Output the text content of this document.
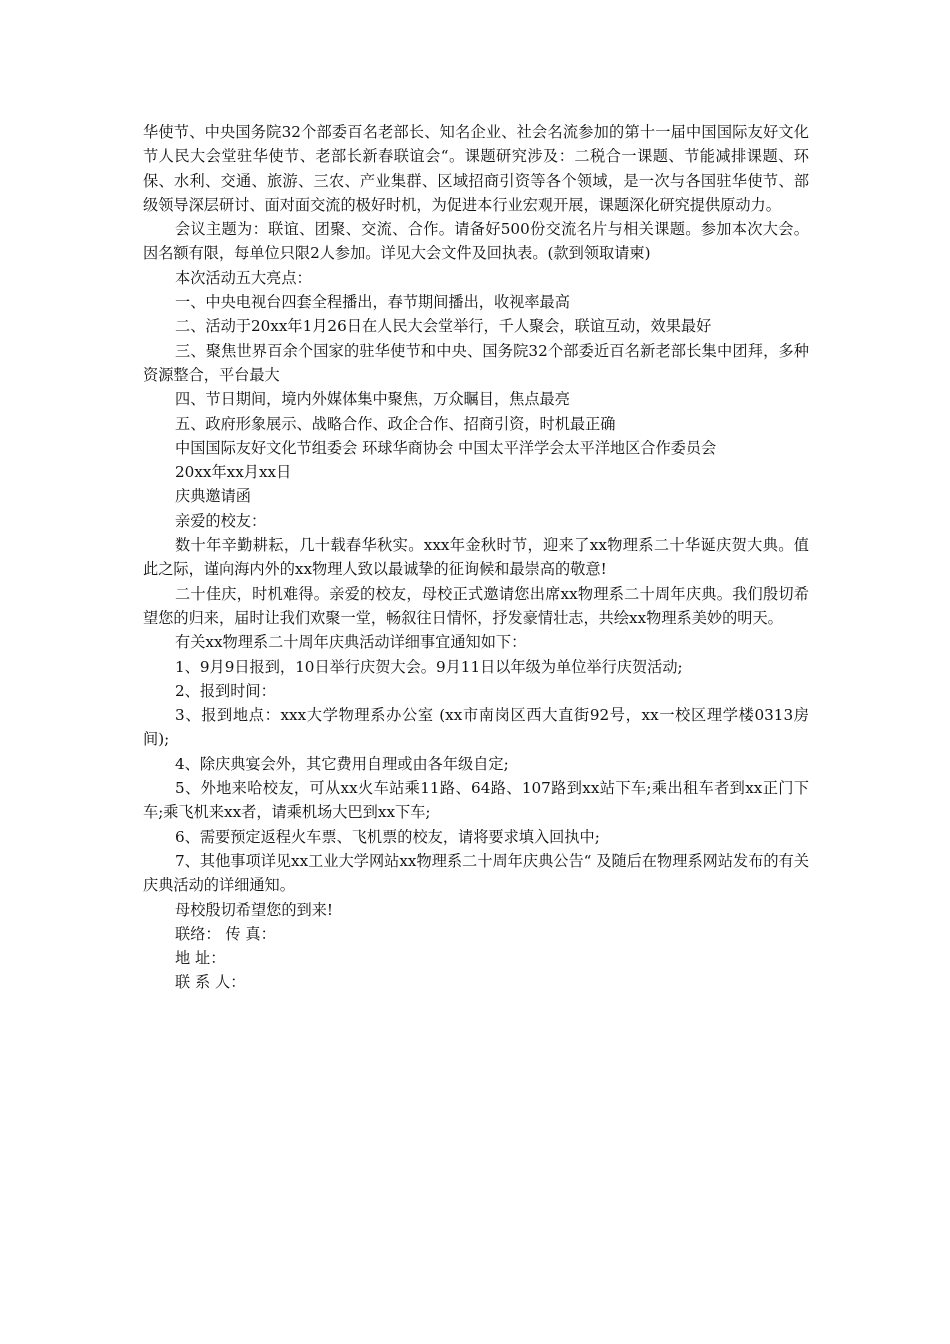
华使节、中央国务院32个部委百名老部长、知名企业、社会名流参加的第十一届中国国际友好文化节人民大会堂驻华使节、老部长新春联谊会“。课题研究涉及：二税合一课题、节能减排课题、环保、水利、交通、旅游、三农、产业集群、区域招商引资等各个领域，是一次与各国驻华使节、部级领导深层研讨、面对面交流的极好时机，为促进本行业宏观开展，课题深化研究提供原动力。

会议主题为：联谊、团聚、交流、合作。请备好500份交流名片与相关课题。参加本次大会。因名额有限，每单位只限2人参加。详见大会文件及回执表。(款到领取请柬)

本次活动五大亮点：

一、中央电视台四套全程播出，春节期间播出，收视率最高

二、活动于20xx年1月26日在人民大会堂举行，千人聚会，联谊互动，效果最好

三、聚焦世界百余个国家的驻华使节和中央、国务院32个部委近百名新老部长集中团拜，多种资源整合，平台最大

四、节日期间，境内外媒体集中聚焦，万众瞩目，焦点最亮

五、政府形象展示、战略合作、政企合作、招商引资，时机最正确

中国国际友好文化节组委会 环球华商协会 中国太平洋学会太平洋地区合作委员会

20xx年xx月xx日

庆典邀请函

亲爱的校友：

数十年辛勤耕耘，几十载春华秋实。xxx年金秋时节，迎来了xx物理系二十华诞庆贺大典。值此之际，谨向海内外的xx物理人致以最诚挚的征询候和最崇高的敬意!

二十佳庆，时机难得。亲爱的校友，母校正式邀请您出席xx物理系二十周年庆典。我们殷切希望您的归来，届时让我们欢聚一堂，畅叙往日情怀，抒发豪情壮志，共绘xx物理系美妙的明天。

有关xx物理系二十周年庆典活动详细事宜通知如下：

1、9月9日报到，10日举行庆贺大会。9月11日以年级为单位举行庆贺活动;

2、报到时间：

3、报到地点：xxx大学物理系办公室 (xx市南岗区西大直街92号，xx一校区理学楼0313房间);

4、除庆典宴会外，其它费用自理或由各年级自定;

5、外地来哈校友，可从xx火车站乘11路、64路、107路到xx站下车;乘出租车者到xx正门下车;乘飞机来xx者，请乘机场大巴到xx下车;

6、需要预定返程火车票、飞机票的校友，请将要求填入回执中;

7、其他事项详见xx工业大学网站xx物理系二十周年庆典公告“ 及随后在物理系网站发布的有关庆典活动的详细通知。

母校殷切希望您的到来!

联络： 传 真：

地 址：

联 系 人：
